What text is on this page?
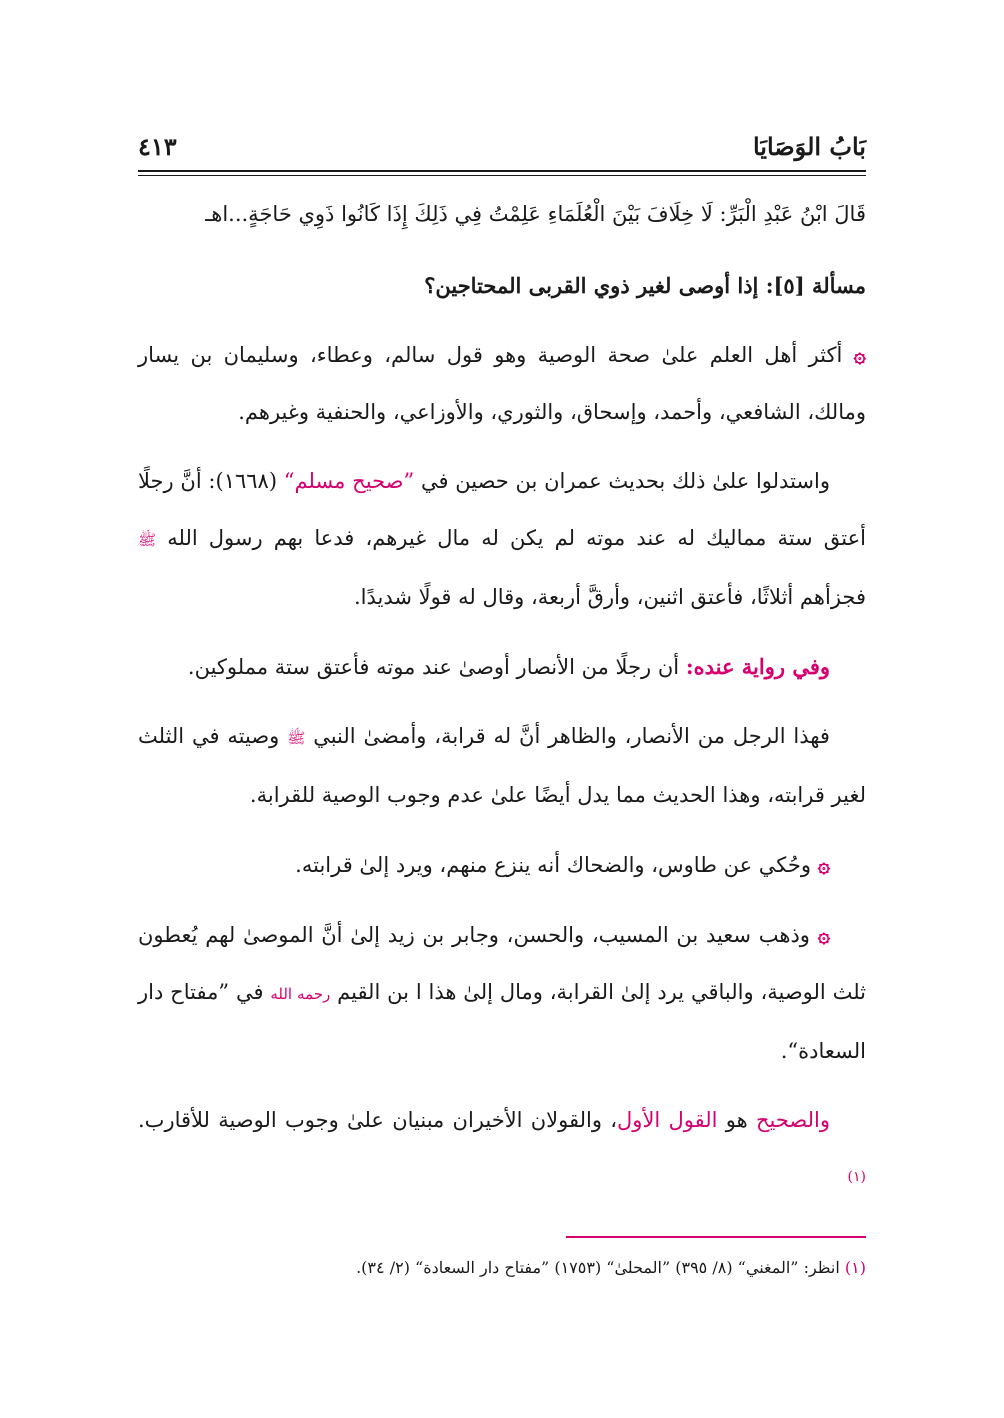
بَابُ الوَصَايَا
٤١٣

قَالَ ابْنُ عَبْدِ الْبَرِّ: لَا خِلَافَ بَيْنَ الْعُلَمَاءِ عَلِمْتُ فِي ذَلِكَ إِذَا كَانُوا ذَوِي حَاجَةٍ...اهـ

مسألة [٥]: إذا أوصى لغير ذوي القربى المحتاجين؟

۞ أكثر أهل العلم علىٰ صحة الوصية وهو قول سالم، وعطاء، وسليمان بن يسار ومالك، الشافعي، وأحمد، وإسحاق، والثوري، والأوزاعي، والحنفية وغيرهم.

واستدلوا علىٰ ذلك بحديث عمران بن حصين في ”صحيح مسلم“ (١٦٦٨): أنَّ رجلًا أعتق ستة مماليك له عند موته لم يكن له مال غيرهم، فدعا بهم رسول الله ﷺ فجزأهم أثلاثًا، فأعتق اثنين، وأرقَّ أربعة، وقال له قولًا شديدًا.

وفي رواية عنده: أن رجلًا من الأنصار أوصىٰ عند موته فأعتق ستة مملوكين.

فهذا الرجل من الأنصار، والظاهر أنَّ له قرابة، وأمضىٰ النبي ﷺ وصيته في الثلث لغير قرابته، وهذا الحديث مما يدل أيضًا علىٰ عدم وجوب الوصية للقرابة.

۞ وحُكي عن طاوس، والضحاك أنه ينزع منهم، ويرد إلىٰ قرابته.

۞ وذهب سعيد بن المسيب، والحسن، وجابر بن زيد إلىٰ أنَّ الموصىٰ لهم يُعطون ثلث الوصية، والباقي يرد إلىٰ القرابة، ومال إلىٰ هذا ا بن القيم رحمه الله في ”مفتاح دار السعادة“.

والصحيح هو القول الأول، والقولان الأخيران مبنيان علىٰ وجوب الوصية للأقارب. $^{(١)}$

(١) انظر: ”المغني“ (٨/ ٣٩٥) ”المحلىٰ“ (١٧٥٣) ”مفتاح دار السعادة“ (٢/ ٣٤).
